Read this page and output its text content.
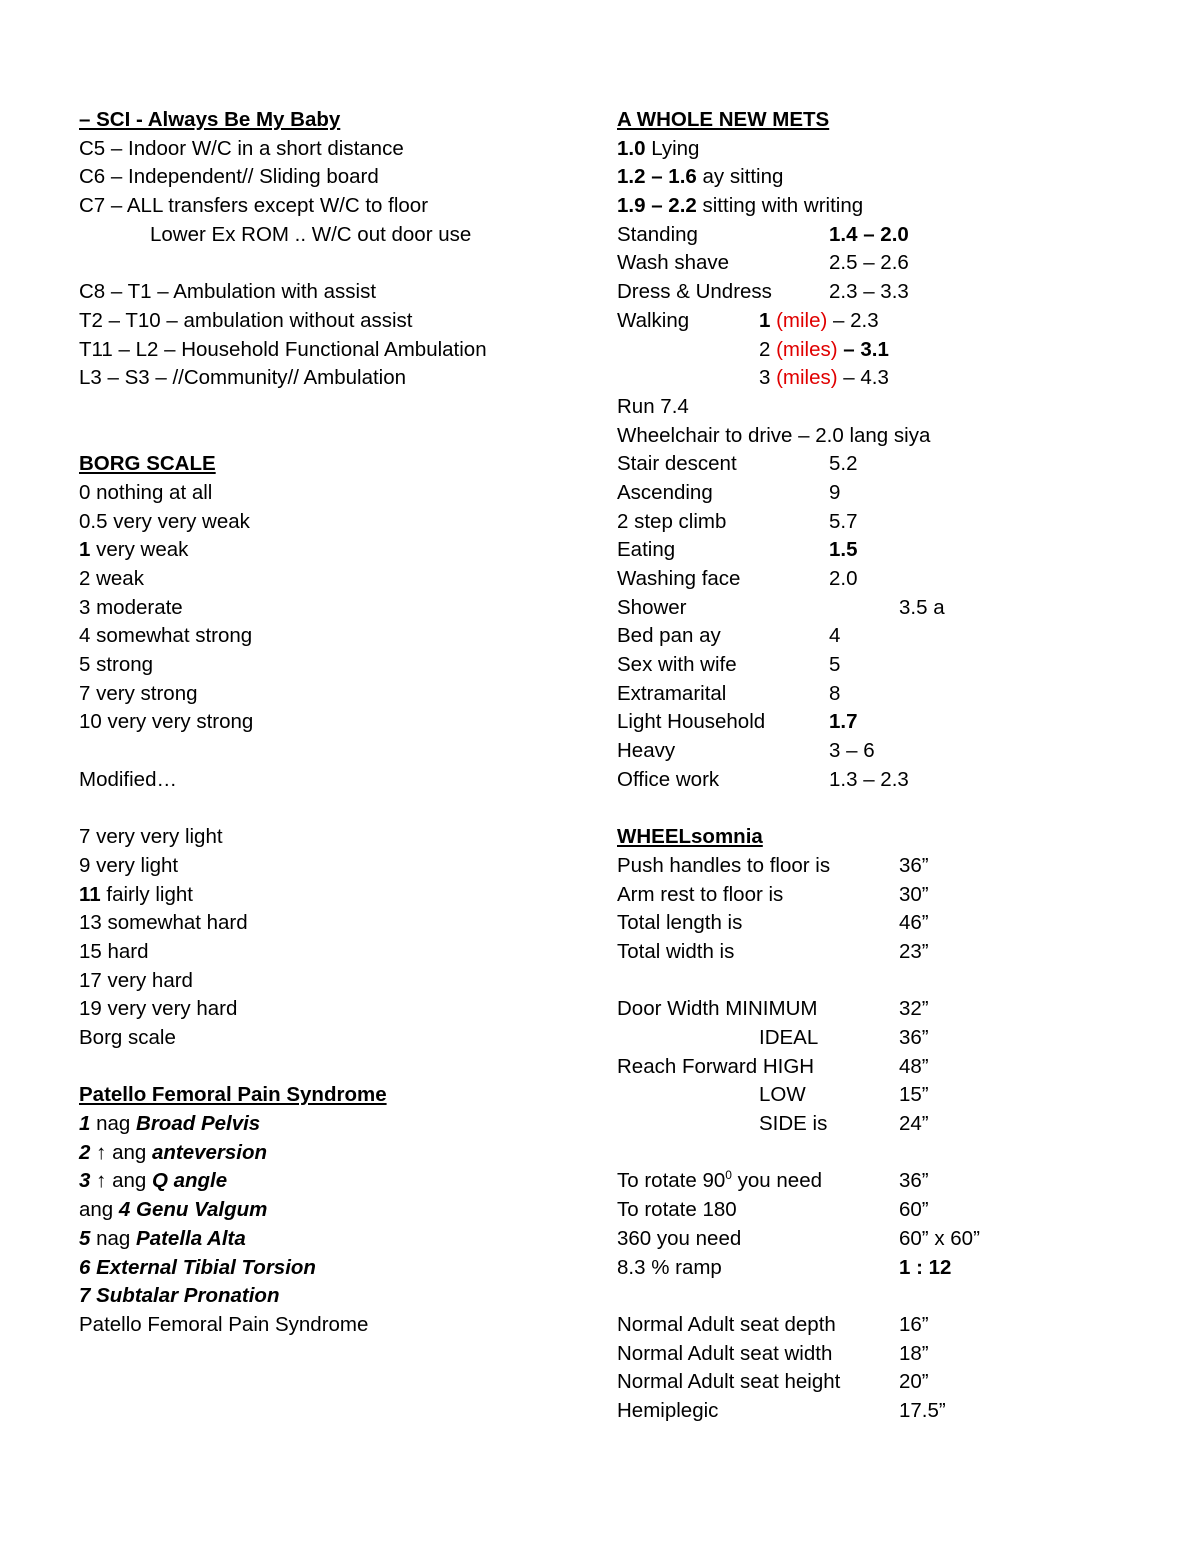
– SCI - Always Be My Baby
C5 – Indoor W/C in a short distance
C6 – Independent// Sliding board
C7 – ALL transfers except W/C to floor
Lower Ex ROM .. W/C out door use
C8 – T1 – Ambulation with assist
T2 – T10 – ambulation without assist
T11 – L2 – Household Functional Ambulation
L3 – S3 – //Community// Ambulation
BORG SCALE
0 nothing at all
0.5 very very weak
1 very weak
2 weak
3 moderate
4 somewhat strong
5 strong
7 very strong
10 very very strong
Modified…
7 very very light
9 very light
11 fairly light
13 somewhat hard
15 hard
17 very hard
19 very very hard
Borg scale
Patello Femoral Pain Syndrome
1 nag Broad Pelvis
2 ↑ ang anteversion
3 ↑ ang Q angle
ang 4 Genu Valgum
5 nag Patella Alta
6 External Tibial Torsion
7 Subtalar Pronation
Patello Femoral Pain Syndrome
A WHOLE NEW METS
1.0 Lying
1.2 – 1.6 ay sitting
1.9 – 2.2 sitting with writing
Standing	1.4 – 2.0
Wash shave	2.5 – 2.6
Dress & Undress	2.3 – 3.3
Walking	1 (mile) – 2.3
2 (miles) – 3.1
3 (miles) – 4.3
Run 7.4
Wheelchair to drive – 2.0 lang siya
Stair descent	5.2
Ascending	9
2 step climb	5.7
Eating	1.5
Washing face	2.0
Shower	3.5 a
Bed pan ay	4
Sex with wife	5
Extramarital	8
Light Household	1.7
Heavy	3 – 6
Office work	1.3 – 2.3
WHEELsomnia
Push handles to floor is	36”
Arm rest to floor is	30”
Total length is	46”
Total width is	23”
Door Width MINIMUM	32”
IDEAL	36”
Reach Forward HIGH	48”
LOW	15”
SIDE is	24”
To rotate $90^0$ you need	36”
To rotate 180	60”
360 you need	60” x 60”
8.3 % ramp	1 : 12
Normal Adult seat depth	16”
Normal Adult seat width	18”
Normal Adult seat height	20”
Hemiplegic	17.5”
